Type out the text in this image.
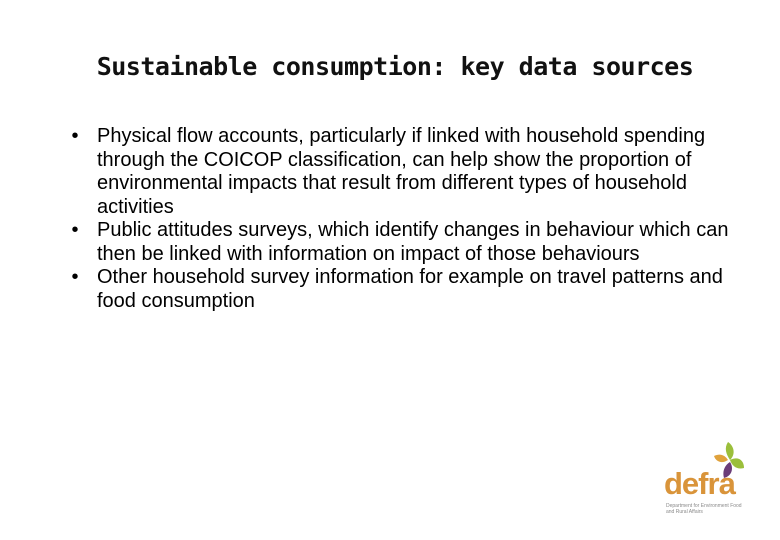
Sustainable consumption: key data sources
• Physical flow accounts, particularly if linked with household spending through the COICOP classification, can help show the proportion of environmental impacts that result from different types of household activities
• Public attitudes surveys, which identify changes in behaviour which can then be linked with information on impact of those behaviours
• Other household survey information for example on travel patterns and food consumption
defra
Department for Environment Food and Rural Affairs
